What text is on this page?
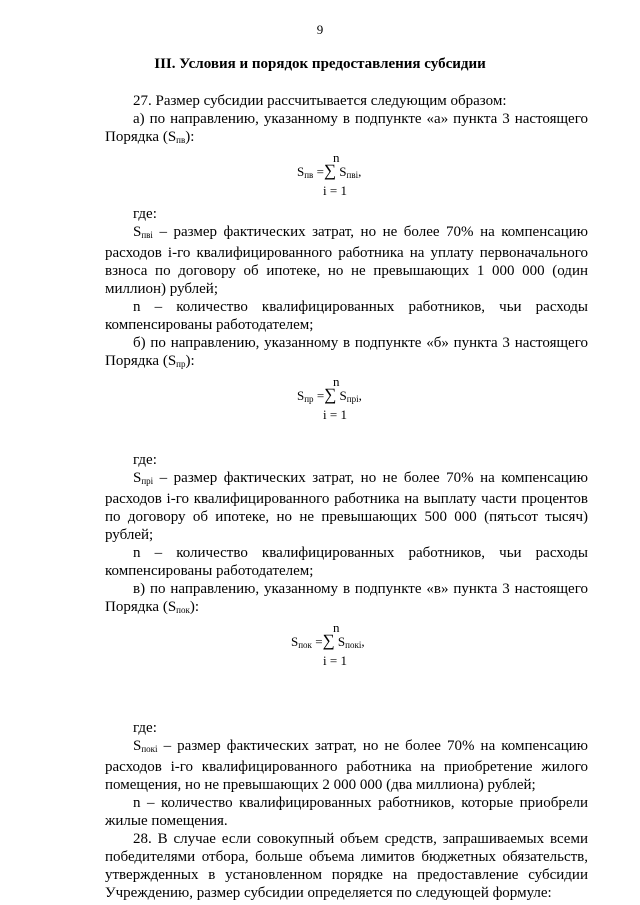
9
III. Условия и порядок предоставления субсидии
27. Размер субсидии рассчитывается следующим образом:
а) по направлению, указанному в подпункте «а» пункта 3 настоящего Порядка $(S_{пв})$:
n
$S_{пв}$ =∑ $S_{пвi}$,
i = 1
где:
$S_{пвi}$ – размер фактических затрат, но не более 70% на компенсацию расходов i-го квалифицированного работника на уплату первоначального взноса по договору об ипотеке, но не превышающих 1 000 000 (один миллион) рублей;
n – количество квалифицированных работников, чьи расходы компенсированы работодателем;
б) по направлению, указанному в подпункте «б» пункта 3 настоящего Порядка $(S_{пр})$:
n
$S_{пр}$ =∑ $S_{прi}$,
i = 1
где:
$S_{прi}$ – размер фактических затрат, но не более 70% на компенсацию расходов i-го квалифицированного работника на выплату части процентов по договору об ипотеке, но не превышающих 500 000 (пятьсот тысяч) рублей;
n – количество квалифицированных работников, чьи расходы компенсированы работодателем;
в) по направлению, указанному в подпункте «в» пункта 3 настоящего Порядка $(S_{пок})$:
n
$S_{пок}$ =∑ $S_{покi}$,
i = 1
где:
$S_{покi}$ – размер фактических затрат, но не более 70% на компенсацию расходов i-го квалифицированного работника на приобретение жилого помещения, но не превышающих 2 000 000 (два миллиона) рублей;
n – количество квалифицированных работников, которые приобрели жилые помещения.
28. В случае если совокупный объем средств, запрашиваемых всеми победителями отбора, больше объема лимитов бюджетных обязательств, утвержденных в установленном порядке на предоставление субсидии Учреждению, размер субсидии определяется по следующей формуле:
